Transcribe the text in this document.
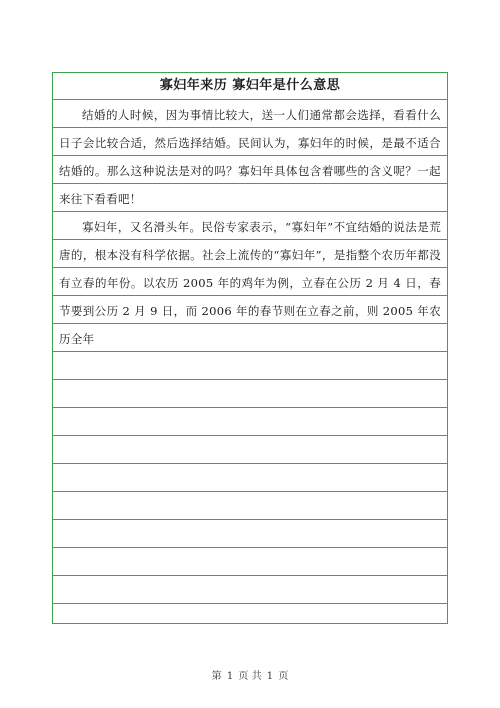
寡妇年来历 寡妇年是什么意思

结婚的人时候，因为事情比较大，送一人们通常都会选择，看看什么日子会比较合适，然后选择结婚。民间认为，寡妇年的时候，是最不适合结婚的。那么这种说法是对的吗？寡妇年具体包含着哪些的含义呢？一起来往下看看吧！

寡妇年，又名滑头年。民俗专家表示，“寡妇年”不宜结婚的说法是荒唐的，根本没有科学依据。社会上流传的“寡妇年”，是指整个农历年都没有立春的年份。以农历 2005 年的鸡年为例，立春在公历 2 月 4 日，春节要到公历 2 月 9 日，而 2006 年的春节则在立春之前，则 2005 年农历全年

第 1 页 共 1 页
